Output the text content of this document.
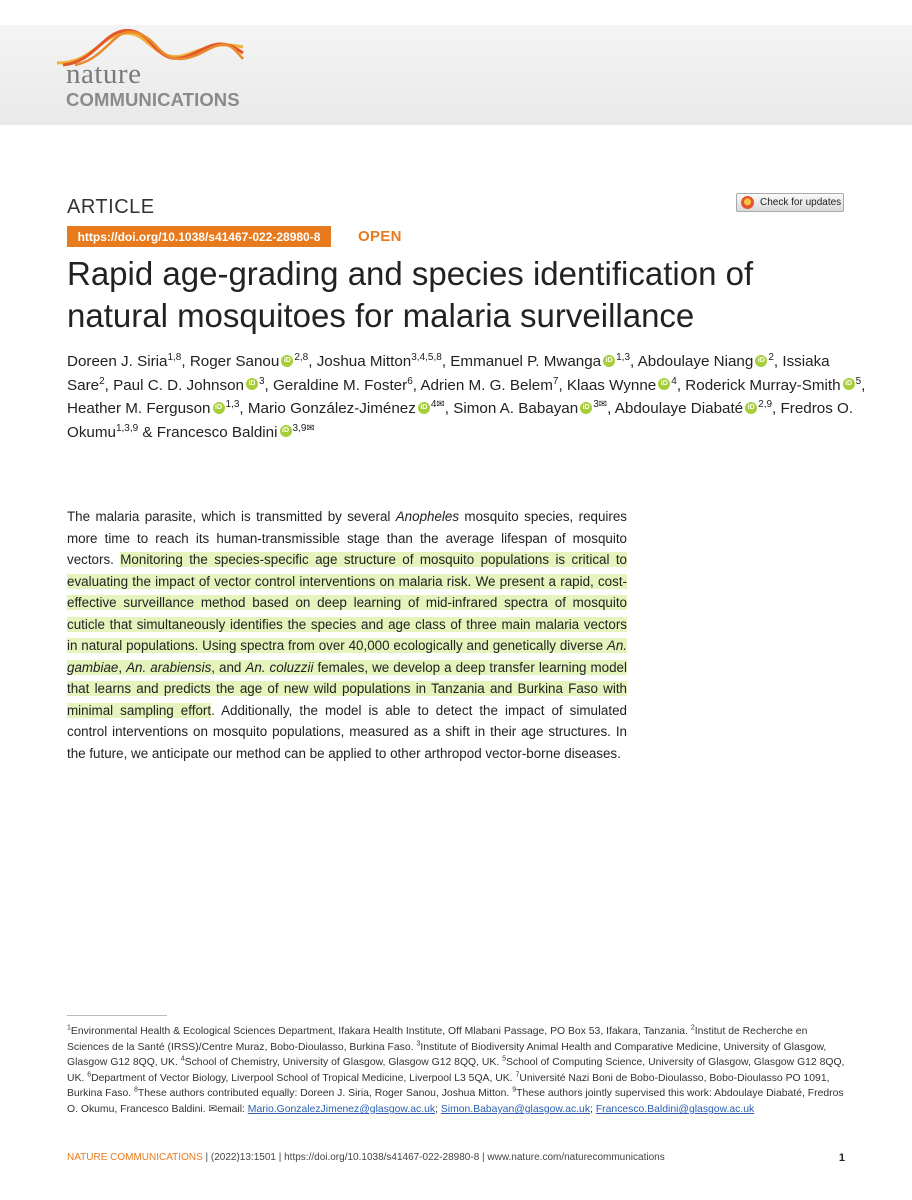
nature
COMMUNICATIONS
ARTICLE	Check for updates
https://doi.org/10.1038/s41467-022-28980-8	OPEN
Rapid age-grading and species identification of natural mosquitoes for malaria surveillance

Doreen J. Siria$^{1,8}$, Roger Sanou iD $^{2,8}$, Joshua Mitton$^{3,4,5,8}$, Emmanuel P. Mwanga iD $^{1,3}$, Abdoulaye Niang iD $^2$, Issiaka Sare$^2$, Paul C. D. Johnson iD $^3$, Geraldine M. Foster$^6$, Adrien M. G. Belem$^7$, Klaas Wynne iD $^4$, Roderick Murray-Smith iD $^5$, Heather M. Ferguson iD $^{1,3}$, Mario González-Jiménez iD $^{4✉}$, Simon A. Babayan iD $^{3✉}$, Abdoulaye Diabaté iD $^{2,9}$, Fredros O. Okumu$^{1,3,9}$ & Francesco Baldini iD $^{3,9✉}$

The malaria parasite, which is transmitted by several Anopheles mosquito species, requires more time to reach its human-transmissible stage than the average lifespan of mosquito vectors. Monitoring the species-specific age structure of mosquito populations is critical to evaluating the impact of vector control interventions on malaria risk. We present a rapid, cost-effective surveillance method based on deep learning of mid-infrared spectra of mosquito cuticle that simultaneously identifies the species and age class of three main malaria vectors in natural populations. Using spectra from over 40,000 ecologically and genetically diverse An. gambiae, An. arabiensis, and An. coluzzii females, we develop a deep transfer learning model that learns and predicts the age of new wild populations in Tanzania and Burkina Faso with minimal sampling effort. Additionally, the model is able to detect the impact of simulated control interventions on mosquito populations, measured as a shift in their age structures. In the future, we anticipate our method can be applied to other arthropod vector-borne diseases.

$^1$Environmental Health & Ecological Sciences Department, Ifakara Health Institute, Off Mlabani Passage, PO Box 53, Ifakara, Tanzania. $^2$Institut de Recherche en Sciences de la Santé (IRSS)/Centre Muraz, Bobo-Dioulasso, Burkina Faso. $^3$Institute of Biodiversity Animal Health and Comparative Medicine, University of Glasgow, Glasgow G12 8QQ, UK. $^4$School of Chemistry, University of Glasgow, Glasgow G12 8QQ, UK. $^5$School of Computing Science, University of Glasgow, Glasgow G12 8QQ, UK. $^6$Department of Vector Biology, Liverpool School of Tropical Medicine, Liverpool L3 5QA, UK. $^7$Université Nazi Boni de Bobo-Dioulasso, Bobo-Dioulasso PO 1091, Burkina Faso. $^8$These authors contributed equally: Doreen J. Siria, Roger Sanou, Joshua Mitton. $^9$These authors jointly supervised this work: Abdoulaye Diabaté, Fredros O. Okumu, Francesco Baldini. ✉email: Mario.GonzalezJimenez@glasgow.ac.uk; Simon.Babayan@glasgow.ac.uk; Francesco.Baldini@glasgow.ac.uk

NATURE COMMUNICATIONS | (2022)13:1501 | https://doi.org/10.1038/s41467-022-28980-8 | www.nature.com/naturecommunications	1
